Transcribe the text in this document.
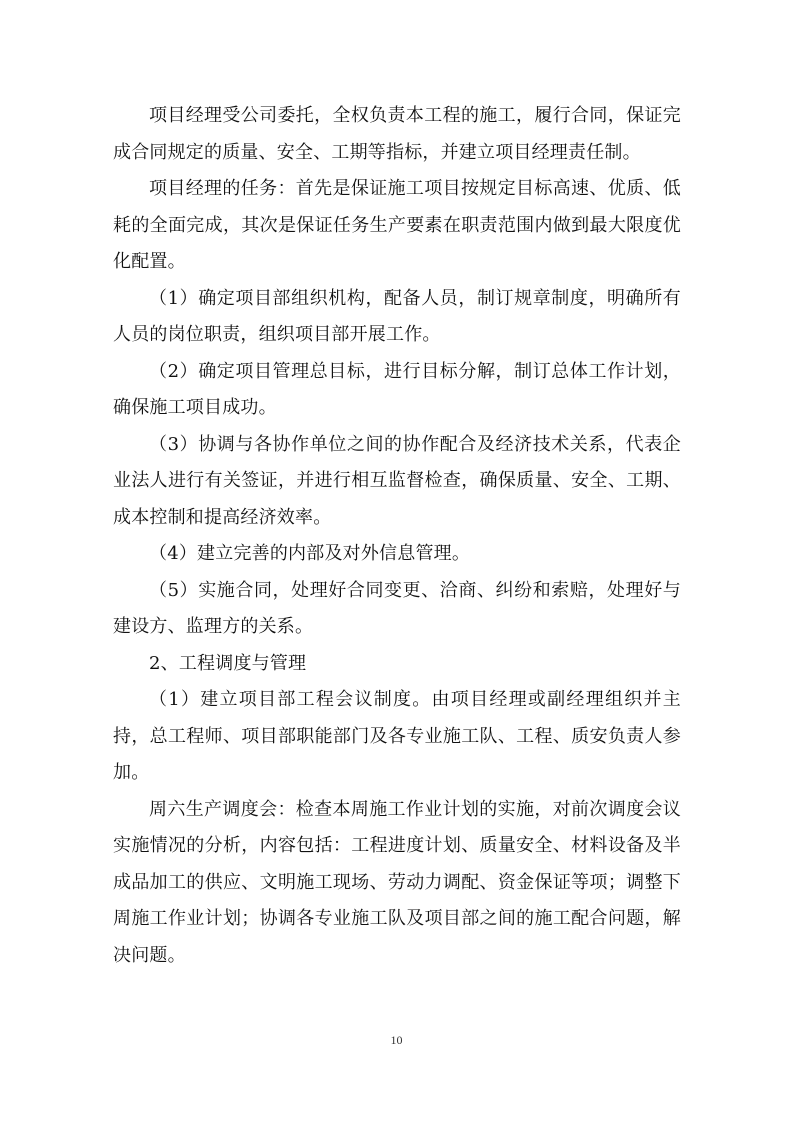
项目经理受公司委托，全权负责本工程的施工，履行合同，保证完成合同规定的质量、安全、工期等指标，并建立项目经理责任制。

项目经理的任务：首先是保证施工项目按规定目标高速、优质、低耗的全面完成，其次是保证任务生产要素在职责范围内做到最大限度优化配置。

（1）确定项目部组织机构，配备人员，制订规章制度，明确所有人员的岗位职责，组织项目部开展工作。

（2）确定项目管理总目标，进行目标分解，制订总体工作计划，确保施工项目成功。

（3）协调与各协作单位之间的协作配合及经济技术关系，代表企业法人进行有关签证，并进行相互监督检查，确保质量、安全、工期、成本控制和提高经济效率。

（4）建立完善的内部及对外信息管理。

（5）实施合同，处理好合同变更、洽商、纠纷和索赔，处理好与建设方、监理方的关系。

2、工程调度与管理

（1）建立项目部工程会议制度。由项目经理或副经理组织并主持，总工程师、项目部职能部门及各专业施工队、工程、质安负责人参加。

周六生产调度会：检查本周施工作业计划的实施，对前次调度会议实施情况的分析，内容包括：工程进度计划、质量安全、材料设备及半成品加工的供应、文明施工现场、劳动力调配、资金保证等项；调整下周施工作业计划；协调各专业施工队及项目部之间的施工配合问题，解决问题。

10
